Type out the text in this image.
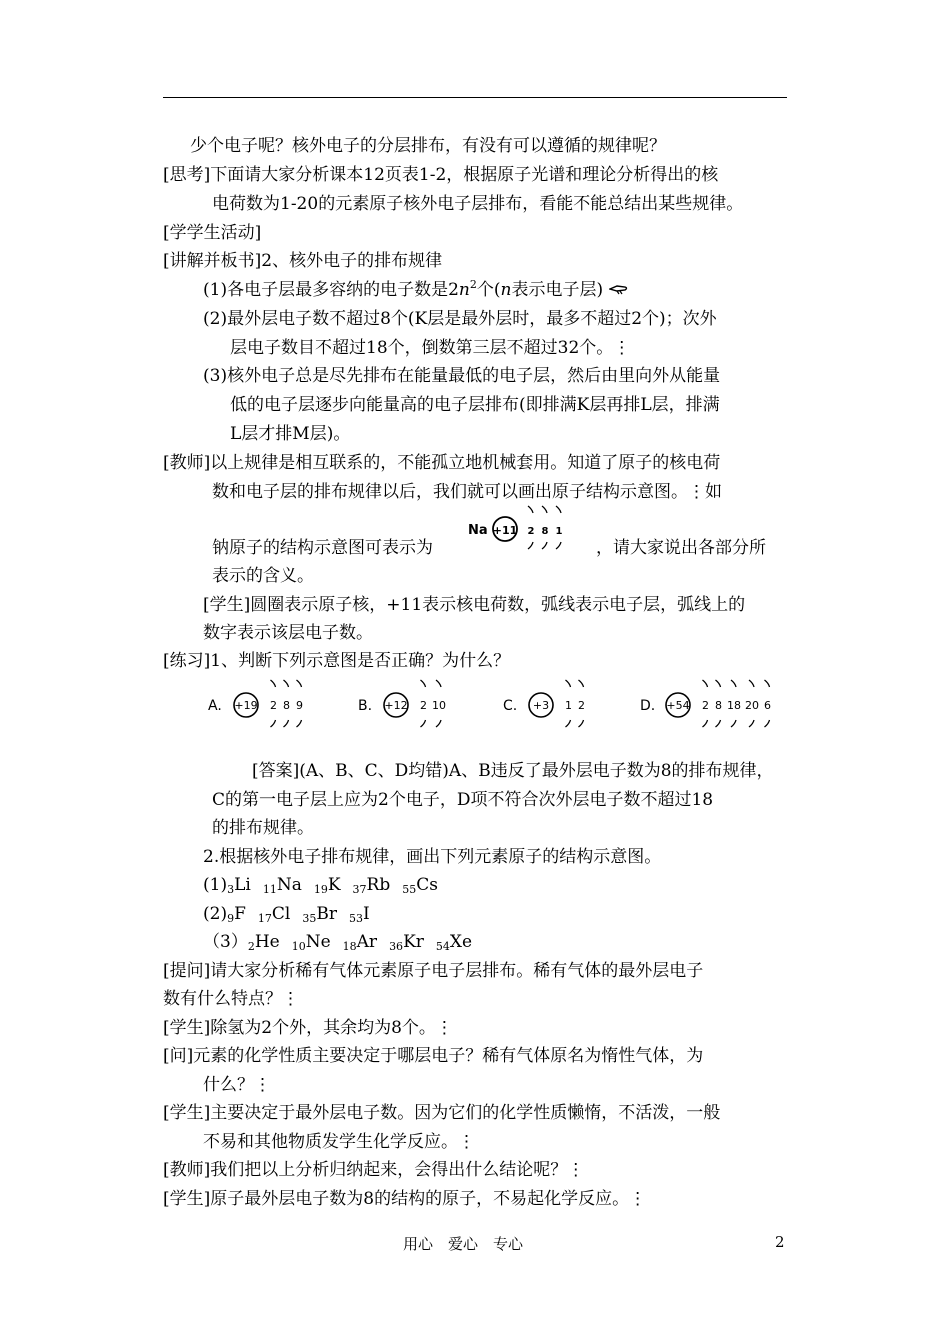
少个电子呢？核外电子的分层排布，有没有可以遵循的规律呢？
[思考]下面请大家分析课本12页表1-2，根据原子光谱和理论分析得出的核
电荷数为1-20的元素原子核外电子层排布，看能不能总结出某些规律。
[学学生活动]
[讲解并板书]2、核外电子的排布规律
(1)各电子层最多容纳的电子数是$2n^2$个(n表示电子层)
(2)最外层电子数不超过8个(K层是最外层时，最多不超过2个)；次外
层电子数目不超过18个，倒数第三层不超过32个。⋮
(3)核外电子总是尽先排布在能量最低的电子层，然后由里向外从能量
低的电子层逐步向能量高的电子层排布(即排满K层再排L层，排满
L层才排M层)。
[教师]以上规律是相互联系的，不能孤立地机械套用。知道了原子的核电荷
数和电子层的排布规律以后，我们就可以画出原子结构示意图。⋮如
Na +11 2 8 1
钠原子的结构示意图可表示为	，请大家说出各部分所
表示的含义。
[学生]圆圈表示原子核，+11表示核电荷数，弧线表示电子层，弧线上的
数字表示该层电子数。
[练习]1、判断下列示意图是否正确？为什么？
A. +19 2 8 9	B. +12 2 10	C. +3 1 2	D. +54 2 8 18 20 6
[答案](A、B、C、D均错)A、B违反了最外层电子数为8的排布规律，
C的第一电子层上应为2个电子，D项不符合次外层电子数不超过18
的排布规律。
2.根据核外电子排布规律，画出下列元素原子的结构示意图。
$(1)_3Li$ $_{11}$Na $_{19}$K $_{37}$Rb $_{55}$Cs
$(2)_9F$ $_{17}$Cl $_{35}$Br $_{53}$I
$(3)_2He$ $_{10}$Ne $_{18}$Ar $_{36}$Kr $_{54}$Xe
[提问]请大家分析稀有气体元素原子电子层排布。稀有气体的最外层电子
数有什么特点？⋮
[学生]除氢为2个外，其余均为8个。⋮
[问]元素的化学性质主要决定于哪层电子？稀有气体原名为惰性气体，为
什么？⋮
[学生]主要决定于最外层电子数。因为它们的化学性质懒惰，不活泼，一般
不易和其他物质发学生化学反应。⋮
[教师]我们把以上分析归纳起来，会得出什么结论呢？⋮
[学生]原子最外层电子数为8的结构的原子，不易起化学反应。⋮
用心　爱心　专心	2
